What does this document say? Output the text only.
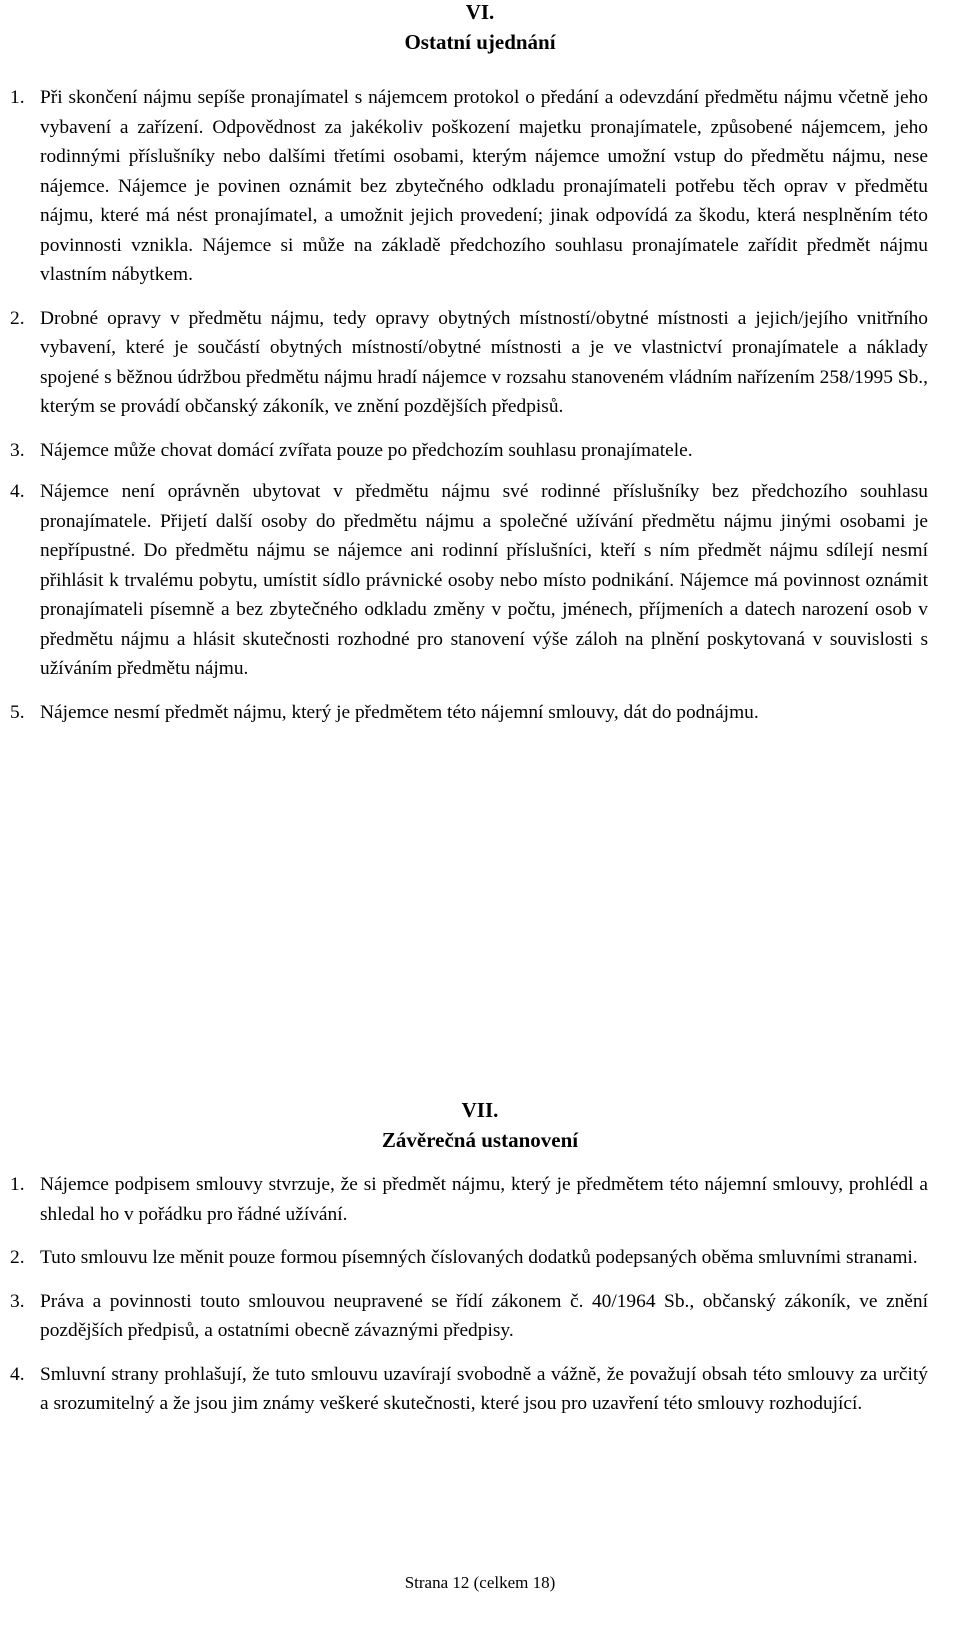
VI.

Ostatní ujednání

1. Při skončení nájmu sepíše pronajímatel s nájemcem protokol o předání a odevzdání předmětu nájmu včetně jeho vybavení a zařízení. Odpovědnost za jakékoliv poškození majetku pronajímatele, způsobené nájemcem, jeho rodinnými příslušníky nebo dalšími třetími osobami, kterým nájemce umožní vstup do předmětu nájmu, nese nájemce. Nájemce je povinen oznámit bez zbytečného odkladu pronajímateli potřebu těch oprav v předmětu nájmu, které má nést pronajímatel, a umožnit jejich provedení; jinak odpovídá za škodu, která nesplněním této povinnosti vznikla. Nájemce si může na základě předchozího souhlasu pronajímatele zařídit předmět nájmu vlastním nábytkem.
2. Drobné opravy v předmětu nájmu, tedy opravy obytných místností/obytné místnosti a jejich/jejího vnitřního vybavení, které je součástí obytných místností/obytné místnosti a je ve vlastnictví pronajímatele a náklady spojené s běžnou údržbou předmětu nájmu hradí nájemce v rozsahu stanoveném vládním nařízením 258/1995 Sb., kterým se provádí občanský zákoník, ve znění pozdějších předpisů.
3. Nájemce může chovat domácí zvířata pouze po předchozím souhlasu pronajímatele.
4. Nájemce není oprávněn ubytovat v předmětu nájmu své rodinné příslušníky bez předchozího souhlasu pronajímatele. Přijetí další osoby do předmětu nájmu a společné užívání předmětu nájmu jinými osobami je nepřípustné. Do předmětu nájmu se nájemce ani rodinní příslušníci, kteří s ním předmět nájmu sdílejí nesmí přihlásit k trvalému pobytu, umístit sídlo právnické osoby nebo místo podnikání. Nájemce má povinnost oznámit pronajímateli písemně a bez zbytečného odkladu změny v počtu, jménech, příjmeních a datech narození osob v předmětu nájmu a hlásit skutečnosti rozhodné pro stanovení výše záloh na plnění poskytovaná v souvislosti s užíváním předmětu nájmu.
5. Nájemce nesmí předmět nájmu, který je předmětem této nájemní smlouvy, dát do podnájmu.

VII.

Závěrečná ustanovení

1. Nájemce podpisem smlouvy stvrzuje, že si předmět nájmu, který je předmětem této nájemní smlouvy, prohlédl a shledal ho v pořádku pro řádné užívání.
2. Tuto smlouvu lze měnit pouze formou písemných číslovaných dodatků podepsaných oběma smluvními stranami.
3. Práva a povinnosti touto smlouvou neupravené se řídí zákonem č. 40/1964 Sb., občanský zákoník, ve znění pozdějších předpisů, a ostatními obecně závaznými předpisy.
4. Smluvní strany prohlašují, že tuto smlouvu uzavírají svobodně a vážně, že považují obsah této smlouvy za určitý a srozumitelný a že jsou jim známy veškeré skutečnosti, které jsou pro uzavření této smlouvy rozhodující.
Strana 12 (celkem 18)
